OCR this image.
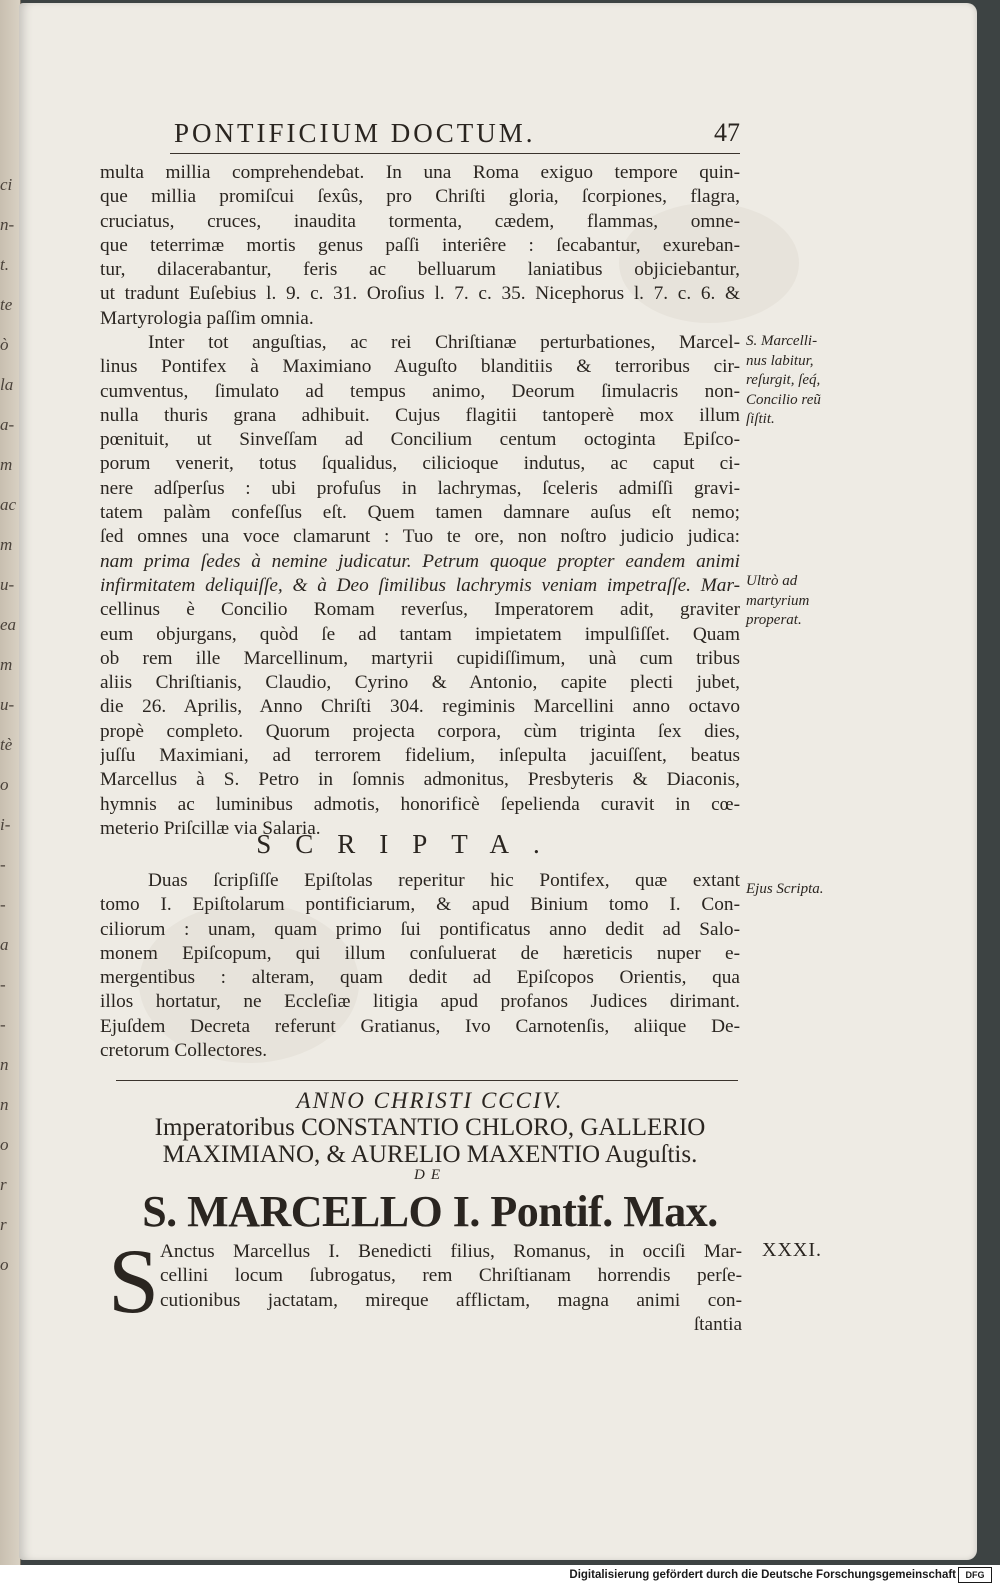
ci
n-
t.
te
ò
la
a-
m
ac
m
u-
ea
m
u-
tè
o
i-
-
-
a
-
-
n
n
o
r
r
o
PONTIFICIUM DOCTUM.	47
multa millia comprehendebat. In una Roma exiguo tempore quin-
que millia promiſcui ſexûs, pro Chriſti gloria, ſcorpiones, flagra,
cruciatus, cruces, inaudita tormenta, cædem, flammas, omne-
que teterrimæ mortis genus paſſi interiêre : ſecabantur, exureban-
tur, dilacerabantur, feris ac belluarum laniatibus objiciebantur,
ut tradunt Euſebius l. 9. c. 31. Oroſius l. 7. c. 35. Nicephorus l. 7. c. 6. &
Martyrologia paſſim omnia.
Inter tot anguſtias, ac rei Chriſtianæ perturbationes, Marcel-
linus Pontifex à Maximiano Auguſto blanditiis & terroribus cir-
cumventus, ſimulato ad tempus animo, Deorum ſimulacris non-
nulla thuris grana adhibuit. Cujus flagitii tantoperè mox illum
pœnituit, ut Sinveſſam ad Concilium centum octoginta Epiſco-
porum venerit, totus ſqualidus, cilicioque indutus, ac caput ci-
nere adſperſus : ubi profuſus in lachrymas, ſceleris admiſſi gravi-
tatem palàm confeſſus eſt. Quem tamen damnare auſus eſt nemo;
ſed omnes una voce clamarunt : Tuo te ore, non noſtro judicio judica:
nam prima ſedes à nemine judicatur. Petrum quoque propter eandem animi
infirmitatem deliquiſſe, & à Deo ſimilibus lachrymis veniam impetraſſe. Mar-
cellinus è Concilio Romam reverſus, Imperatorem adit, graviter
eum objurgans, quòd ſe ad tantam impietatem impulſiſſet. Quam
ob rem ille Marcellinum, martyrii cupidiſſimum, unà cum tribus
aliis Chriſtianis, Claudio, Cyrino & Antonio, capite plecti jubet,
die 26. Aprilis, Anno Chriſti 304. regiminis Marcellini anno octavo
propè completo. Quorum projecta corpora, cùm triginta ſex dies,
juſſu Maximiani, ad terrorem fidelium, inſepulta jacuiſſent, beatus
Marcellus à S. Petro in ſomnis admonitus, Presbyteris & Diaconis,
hymnis ac luminibus admotis, honorificè ſepelienda curavit in cœ-
meterio Priſcillæ via Salaria.
S. Marcelli-
nus labitur,
reſurgit, ſeq́,
Concilio reũ
ſiſtit.
Ultrò ad
martyrium
properat.
SCRIPTA.
Duas ſcripſiſſe Epiſtolas reperitur hic Pontifex, quæ extant
tomo I. Epiſtolarum pontificiarum, & apud Binium tomo I. Con-
ciliorum : unam, quam primo ſui pontificatus anno dedit ad Salo-
monem Epiſcopum, qui illum conſuluerat de hæreticis nuper e-
mergentibus : alteram, quam dedit ad Epiſcopos Orientis, qua
illos hortatur, ne Eccleſiæ litigia apud profanos Judices dirimant.
Ejuſdem Decreta referunt Gratianus, Ivo Carnotenſis, aliique De-
cretorum Collectores.
Ejus Scripta.
ANNO CHRISTI CCCIV.
Imperatoribus CONSTANTIO CHLORO, GALLERIO
MAXIMIANO, & AURELIO MAXENTIO Auguſtis.
DE
S. MARCELLO I. Pontif. Max.
XXXI.
S Anctus Marcellus I. Benedicti filius, Romanus, in occiſi Mar-
cellini locum ſubrogatus, rem Chriſtianam horrendis perſe-
cutionibus jactatam, mireque afflictam, magna animi con-
ſtantia
Digitalisierung gefördert durch die Deutsche Forschungsgemeinschaft	DFG
